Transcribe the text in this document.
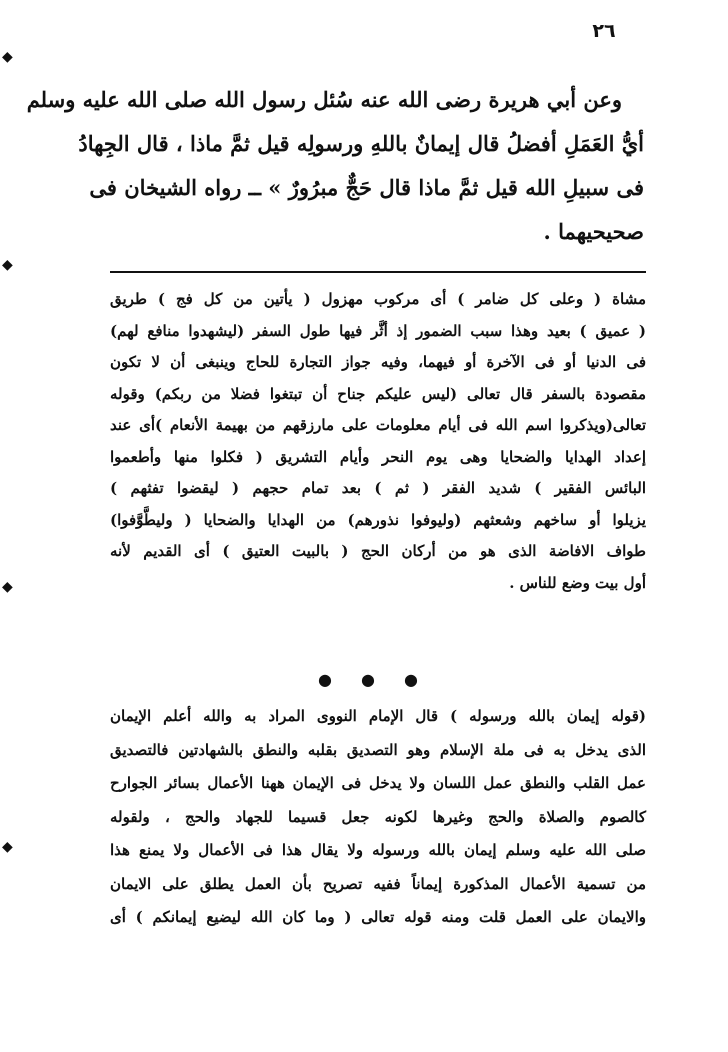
٢٦
وعن أبي هريرة رضى الله عنه سُئل رسول الله صلى الله عليه وسلم
أيُّ العَمَلِ أفضلُ قال إيمانٌ باللهِ ورسولِه قيل ثمَّ ماذا ، قال الجِهادُ
فى سبيلِ الله قيل ثمَّ ماذا قال حَجٌّ مبرُورٌ » ــ رواه الشيخان فى
صحيحيهما .
مشاة ( وعلى كل ضامر ) أى مركوب مهزول ( يأتين من كل فج ) طريق
( عميق ) بعيد وهذا سبب الضمور إذ أثَّر فيها طول السفر (ليشهدوا منافع لهم)
فى الدنيا أو فى الآخرة أو فيهما، وفيه جواز التجارة للحاج وينبغى أن لا تكون
مقصودة بالسفر قال تعالى (ليس عليكم جناح أن تبتغوا فضلا من ربكم) وقوله
تعالى(ويذكروا اسم الله فى أيام معلومات على مارزقهم من بهيمة الأنعام )أى عند
إعداد الهدايا والضحايا وهى يوم النحر وأيام التشريق ( فكلوا منها وأطعموا
البائس الفقير ) شديد الفقر ( ثم ) بعد تمام حجهم ( ليقضوا تفثهم )
يزيلوا أو ساخهم وشعثهم (وليوفوا نذورهم) من الهدايا والضحايا ( وليطَّوَّفوا)
طواف الافاضة الذى هو من أركان الحج ( بالبيت العتيق ) أى القديم لأنه
أول بيت وضع للناس .
● ● ●
(قوله إيمان بالله ورسوله ) قال الإمام النووى المراد به والله أعلم الإيمان
الذى يدخل به فى ملة الإسلام وهو التصديق بقلبه والنطق بالشهادتين فالتصديق
عمل القلب والنطق عمل اللسان ولا يدخل فى الإيمان ههنا الأعمال بسائر الجوارح
كالصوم والصلاة والحج وغيرها لكونه جعل قسيما للجهاد والحج ، ولقوله
صلى الله عليه وسلم إيمان بالله ورسوله ولا يقال هذا فى الأعمال ولا يمنع هذا
من تسمية الأعمال المذكورة إيماناً ففيه تصريح بأن العمل يطلق على الايمان
والايمان على العمل قلت ومنه قوله تعالى ( وما كان الله ليضيع إيمانكم ) أى
◆
◆
◆
◆
